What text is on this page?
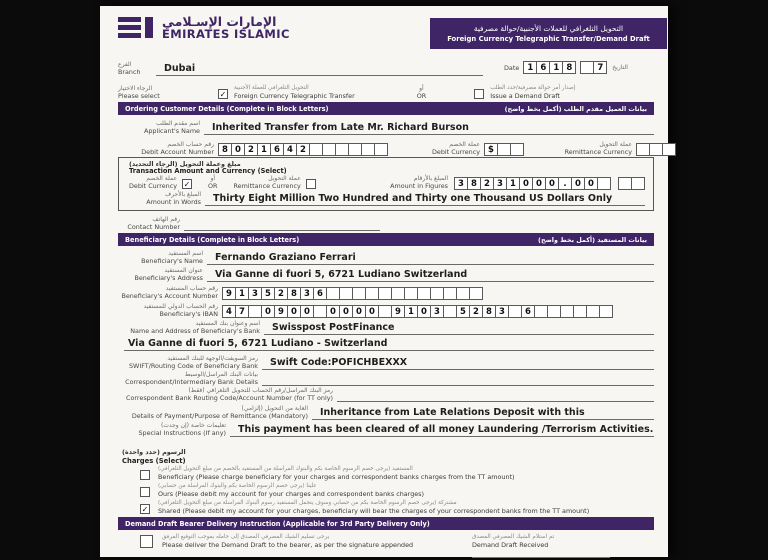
الإمارات الإسـلامي
EMIRATES ISLAMIC	التحويل التلغرافي للعملات الأجنبية/حوالة مصرفية
Foreign Currency Telegraphic Transfer/Demand Draft
الفرع
Branch	Dubai	Date 1 6 1 8	7	التاريخ
الرجاء الاختيار
Please select	✓
التحويل التلغرافي للعملة الأجنبية
Foreign Currency Telegraphic Transfer
أو
OR
إصدار أمر حوالة مصرفية/حدد الطلب
Issue a Demand Draft
Ordering Customer Details (Complete in Block Letters)	بيانات العميل مقدم الطلب (أكمل بخط واضح)
اسم مقدم الطلب
Applicant's Name	Inherited Transfer from Late Mr. Richard Burson
رقم حساب الخصم
Debit Account Number 8 0 2 1 6 4 2
عملة الخصم
Debit Currency $
عملة التحويل
Remittance Currency
مبلغ وعملة التحويل (الرجاء التحديد)
Transaction Amount and Currency (Select)
عملة الخصم
Debit Currency ✓
أو
OR
عملة التحويل
Remittance Currency
المبلغ بالأرقام
Amount in Figures	3 8 2 3 1 0 0 0 . 0 0
المبلغ بالأحرف
Amount in Words	Thirty Eight Million Two Hundred and Thirty one Thousand US Dollars Only
رقم الهاتف
Contact Number
Beneficiary Details (Complete in Block Letters)	بيانات المستفيد (أكمل بخط واضح)
اسم المستفيد
Beneficiary's Name	Fernando Graziano Ferrari
عنوان المستفيد
Beneficiary's Address	Via Ganne di fuori 5, 6721 Ludiano Switzerland
رقم حساب المستفيد
Beneficiary's Account Number 9 1 3 5 2 8 3 6
رقم الحساب الدولي للمستفيد
Beneficiary's IBAN 4 7	0 9 0 0	0 0 0 0	9 1 0 3	5 2 8 3	6
اسم وعنوان بنك المستفيد
Name and Address of Beneficiary's Bank	Swisspost PostFinance
Via Ganne di fuori 5, 6721 Ludiano - Switzerland
رمز السويفت/الوجهة للبنك المستفيد
SWIFT/Routing Code of Beneficiary Bank	Swift Code:POFICHBEXXX
بيانات البنك المراسل/الوسيط
Correspondent/Intermediary Bank Details
رمز البنك المراسل/رقم الحساب للتحويل التلغرافي (فقط)
Correspondent Bank Routing Code/Account Number (for TT only)
الغاية من التحويل (إلزامي)
Details of Payment/Purpose of Remittance (Mandatory)	Inheritance from Late Relations Deposit with this
تعليمات خاصة (إن وجدت)
Special Instructions (If any)	This payment has been cleared of all money Laundering /Terrorism Activities.
الرسوم (حدد واحدة)
Charges (Select)
المستفيد (يرجى خصم الرسوم الخاصة بكم والبنوك المراسلة من المستفيد بالخصم من مبلغ التحويل التلغرافي)
Beneficiary (Please charge beneficiary for your charges and correspondent banks charges from the TT amount)
علينا (يرجى خصم الرسوم الخاصة بكم والبنوك المراسلة من حسابي)
Ours (Please debit my account for your charges and correspondent banks charges)
✓
مشتركة (يرجى خصم الرسوم الخاصة بكم من حسابي وسوف يتحمل المستفيد رسوم البنوك المراسلة من مبلغ التحويل التلغرافي)
Shared (Please debit my account for your charges, beneficiary will bear the charges of your correspondent banks from the TT amount)
Demand Draft Bearer Delivery Instruction (Applicable for 3rd Party Delivery Only)
يرجى تسليم الشيك المصرفي المصدق إلى حامله بموجب التوقيع المرفق
Please deliver the Demand Draft to the bearer, as per the signature appended
تم استلام الشيك المصرفي المصدق
Demand Draft Received
